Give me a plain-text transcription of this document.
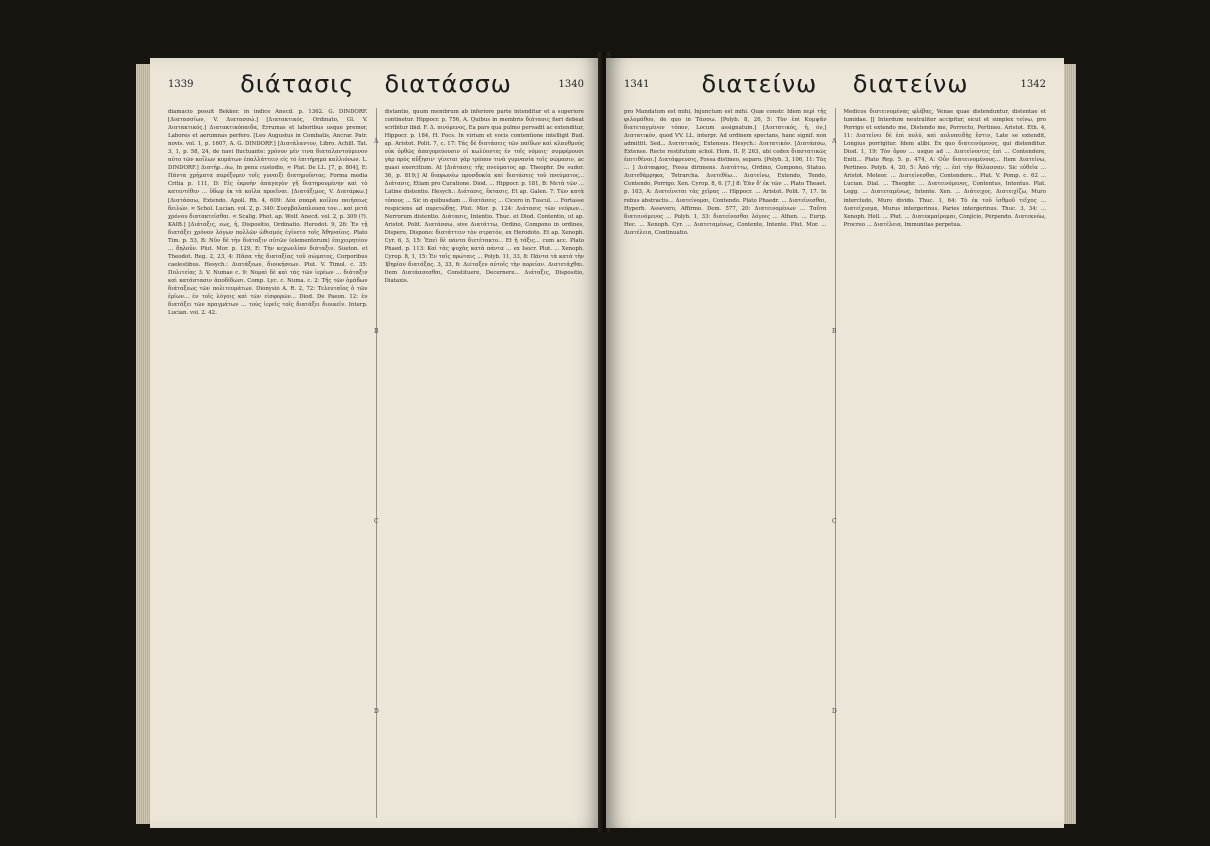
1339	διάτασις διατάσσω	1340

diamacio posuit Bekker. in indice Anecd. p. 1362. G. DINDORF. [Διατασσίων, V. Διατασσώ.] [Διατακτικός, Ordinato, Gl. V. Διατακτικός.] Διατακτικόπαιδα, Errumas et laboribus usque premor, Labores et aerumnas perfero. [Leo Augustus in Combatis, Ancrar. Patr. novis. vol. 1, p. 1607, A. G. DINDORF.] [Διατάλαντον, Libro. Achill. Tat. 3, 1, p. 58, 24, de navi fluctuante: χρόνον μέν τινα διαταλαντούμενον αὐτο τῶν κοΐλων κυμάτων ἐπαλλάττειν εἰς τὸ ἐπιτήρημα καλλιόνων. L. DINDORF.] Διατήρ...όω, In penu custodio, ≈ Plat. De LL. [7, p. 804], E: Πάντα χρήματα παρέξομεν τοῖς γυναιξὶ διατηροῦντας. Forma media Critia p. 111, D: Εἰς ἐκροὴν ἀπαγαγὸν γῆ διατηρουμένην καὶ τὸ κατεντέθεν ... ὕδωρ ἐκ τὰ κοῖλα προεῖναι. [Διατάξιμος, V. Διατάρκω.] [Διατάσσω, Extendo. Apoll. Rh. 4, 609: Δέα σπαρά κοίλου ποιήσεως δειλών. ≈ Schol. Lucian. vol. 2, p. 340: Συσμβαλαπλουσα τον... καὶ μετά χρόνου διατακτείσθαι. ≈ Scalig. Phot. ap. Wolf. Anecd. vol. 2, p. 309 (?). KAIB.] [Διάταξις, εως, ἡ, Dispositio, Ordinatio. Herodot. 9, 26: Ἐν τῇ διατάξει χρόνον λόγων πολλῶν ὠθισμός ἐγίνετο τοῖς Ἀθηναίοις. Plato Tim. p. 53, B: Νῦν δὲ τὴν διάταξιν αὐτῶν (elementorum) ἐπιχειρητέον ... δηλοῦν. Plut. Mor. p. 129, E: Τὴν κεχωνλίαν διάταξιν. Sueton. et Theodot. Reg. 2, 23, 4: Πᾶσα τῆς διαταξίας τοῦ σώματος, Corporibus caelestibus. Hesych.: Διατάξεων, διοικήσεων. Plut. V. Timol. c. 35: Πολιτείας 3. V. Numae c. 9: Νομαὶ δὲ καὶ τὰς τῶν ἱερέων ... διάταξιν καὶ κατάστασιν ἀποδίδωσι. Comp. Lyc. c. Numa. c. 2: Τῆς τῶν ὁμάδων διάταξεως τῶν πολιτευμάτων. Dionysio A. R. 2, 72: Τελευταῖος ὁ τῶν ἐρίων... ἐν τοῖς λόγοις καὶ τῶν εἰσφορῶν... Diod. De Paeon. 12: ἐν διατάξει τῶν πραγμάτων ... τοὺς ἱερεῖς τοῖς διατάξει διοικεῖν. Interp. Lucian. vol. 2. 42.

distantio, quum membrum ab inferiore parte intenditur et a superiore continetur. Hippocr. p. 756, A. Quibus in membris διάτασις fieri debeat scribitur ibid. F. Δ. πινόμενος, Ea pars qua pulmo pervadit ac extenditur, Hippocr. p. 184, H. Focs. In virium et vocis contentione intelligit Bud. ap. Aristot. Polit. 7, c. 17: Τὰς δὲ διατάσεις τῶν παίδων καὶ κλαυθμοὺς οὐκ ὀρθῶς ἀπαγορεύουσιν οἱ κωλύοντες ἐν τοῖς νόμοις· συμφέρουσι γὰρ πρὸς αὔξησιν· γίνεται γὰρ τρόπον τινὰ γυμνασία τοῖς σώμασιν, ac quasi exercitium. At [Διάτασις τῆς πνεύματος ap. Theophr. De sudor. 36, p. 819;] Al διαφωνέω προσδοκία καὶ διατάσεις τοῦ πνεύματος... Διάτασις, Etiam pro Curatione. Diod. ... Hippocr. p. 181, B: Μετὰ τῶν ... Latine distentio. Hesych.: Διάτασις, ἔκτασις. Et ap. Galen. 7: Τῶν κατὰ τόπους ... Sic in quibusdam ... διατάσεις ... Cicero in Tuscul. ... Fortasse respiciens ad πυρετώδης. Plut. Mor. p. 124: Διάτασις τῶν νεύρων... Nerrorum distentio. Διάτασις, Intentio. Thuc. et Diod. Contentio, ut ap. Aristot. Polit. Διατάσσω, sive Διατάττω, Ordino, Compono in ordines, Dispero, Dispono: διατάττειν τὸν στρατόν, ex Herodoto. Et ap. Xenoph. Cyr. 6, 3, 15: Ἐπεὶ δὲ πάντα διετέτακτο... Et ἡ τάξις... cum acc. Plato Phaed. p. 113: Καὶ τὰς ψυχὰς κατὰ πάντα ... ex Isocr. Plut. ... Xenoph. Cyrop. 8, 1, 15: Ἐν ταῖς πρώταις ... Polyb. 11, 33, 8: Πάντα τὰ κατὰ τὴν Ἰβηρίαν διατάξας. 3, 33, 6: Διέταξεν αὐτοῖς τὴν πορείαν. Διατετάχθαι. Item Διατάσσεσθαι, Constituere, Decernere... Διάταξις, Dispositio, Diataxis.

A
B
C
D
1341	διατείνω διατείνω	1342

pro Mandatum est mihi, Injunctum est mihi. Quæ constr. Idem περὶ τῆς φιλομάθου, de quo in Τάσσω. [Polyb. 8, 26, 5: Τὸν ἐπὶ Κομψᾶν διατεταγμένον τόπον, Locum assignatum.] [Διατατικός, ἡ, όν,] Διατατικόν, quod VV. LL. interpr. Ad ordinem spectans, hanc signif. non admittit. Sed... Διατατικός, Extensus. Hesych.: Διατατικόν. [Διατάσσω, Extense. Recte restitutum schol. Hom. II. P, 263, ubi codex διαστατικῶς ἐπιτιθέναι.] Διατάφρευσις, Fossa distineo, separo. [Polyb. 3, 106, 11: Τὰς ... ] Διάταφρος, Fossa dirimens. Διατάττω, Ordino, Compono, Statuo. Διατεθάρρηκα, Tetrarcha. Διατεθέω... Διατείνω, Extendo, Tendo, Contendo, Porrigo. Xen. Cyrop. 8, 6. [7,] 8: Ἐὰν δ' ἐκ τῶν ... Plato Theaet. p. 163, A: Διατείνεται τὰς χεῖρας ... Hippocr. ... Aristot. Polit. 7, 17. In rebus abstractis... Διατείνομαι, Contendo. Plato Phaedr. ... Διατείνεσθαι, Hyperb. Assevero, Affirmo. Dem. 577, 20: Διατεινομένων ... Ταῦτα διατεινόμενος ... Polyb. 1, 33: διατείνεσθαι λόγοις ... Athen. ... Eurip. Hec. ... Xenoph. Cyr. ... Διατεταμένως, Contente, Intente. Plut. Mor. ... Διατέλεια, Continuatio.

Medicos διατεινομένας φλέβας, Venae quae distenduntur, distentae et tumidae. [[ Interdum neutraliter accipitur, sicut et simplex τείνω, pro Porrigo et extendo me, Distendo me, Porrecto, Pertineo. Aristot. Eth. 4, 11: Διατείνει δὲ ἐπὶ πολύ, καὶ πολυπειδὴς ἔστιν, Late se extendit, Longius porrigitur. Idem alibi. Ex quo διατεινόμενος, qui distenditur. Diod. 1, 19: Τὸν ὅρον ... usque ad ... Διατείνοντες ἐπὶ ... Contendere, Eniti... Plato Rep. 5. p. 474, A: Οὖν διατεινομένους... Item Διατείνω, Pertineo. Polyb. 4, 20, 5: Ἀπὸ τῆς ... ἐπὶ τὴν θάλασσαν. Sic εὐθεῖα ... Aristot. Meteor. ... Διατείνεσθαι, Contendere... Plut. V. Pomp. c. 62 ... Lucian. Dial. ... Theophr. ... Διατεινόμενος, Contentus, Intentus. Plat. Legg. ... Διατεταμένως, Intente. Xen. ... Διάτειχος. Διατειχίζω, Muro intercludo, Muro divido. Thuc. 1, 64: Τὸ ἐκ τοῦ ἰσθμοῦ τεῖχος ... Διατείχισμα, Murus intergerinus, Paries intergerinus. Thuc. 3, 34: ... Xenoph. Hell. ... Plut. ... Διατεκμαίρομαι, Conjicio, Perpendo. Διατεκνόω, Procreo ... Διατέλεια, Immunitas perpetua.

A
B
C
D
